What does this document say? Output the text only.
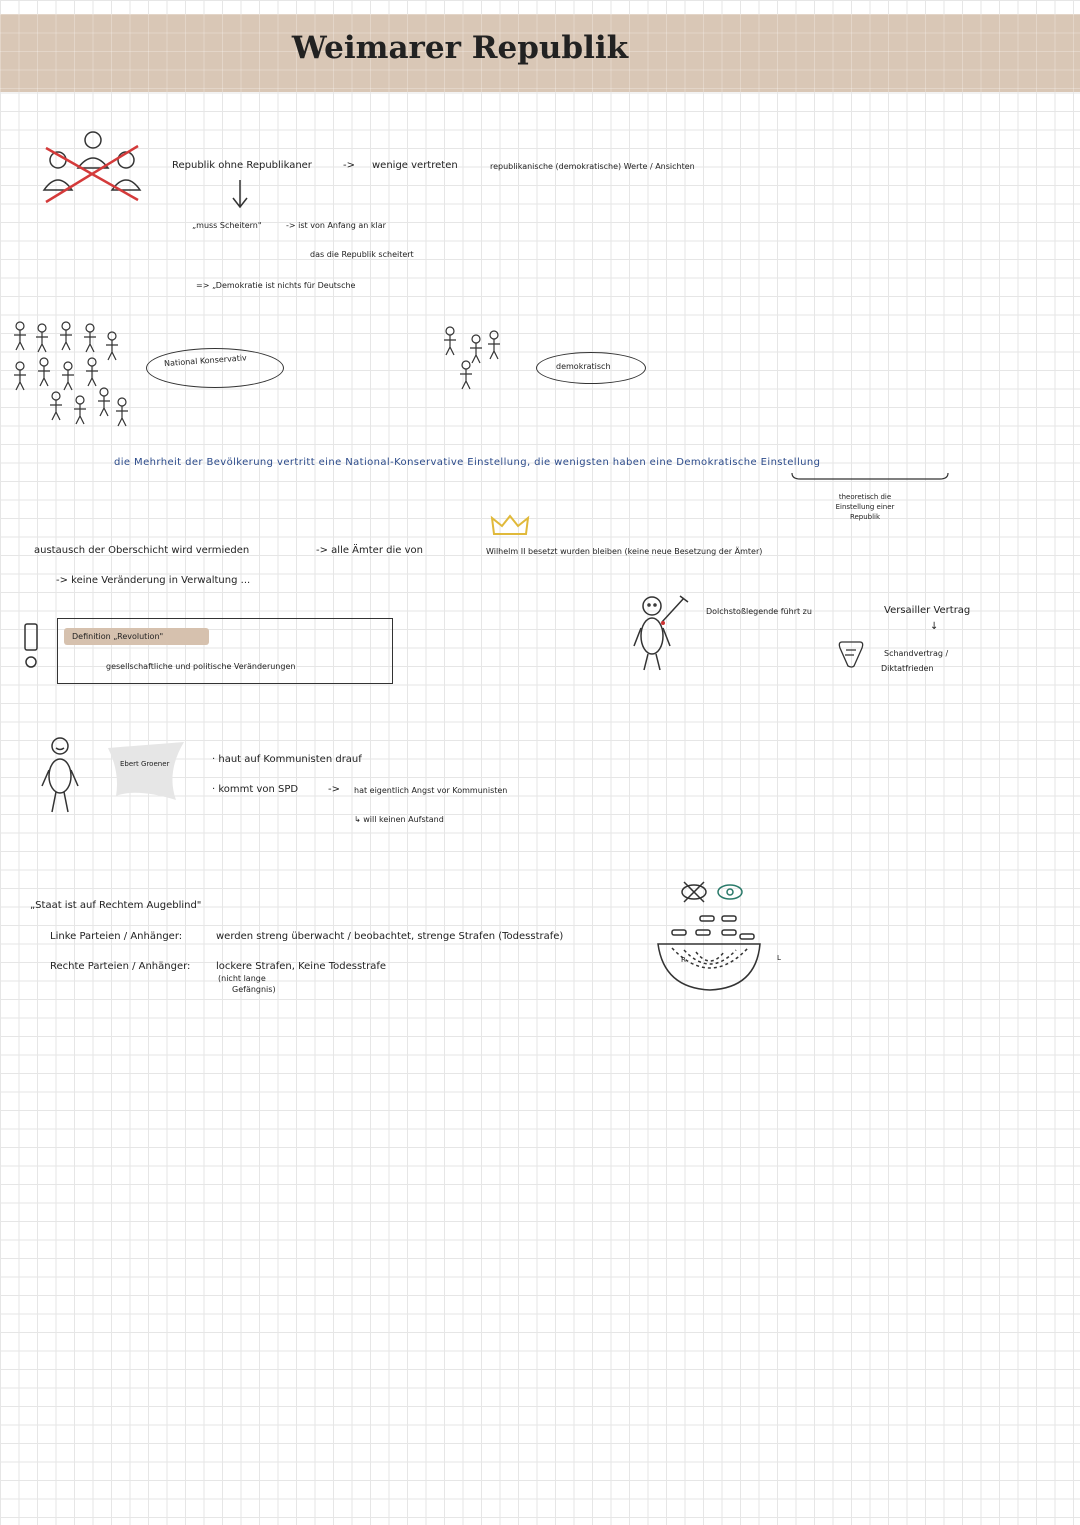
Weimarer Republik
Republik ohne Republikaner	-> wenige vertreten	republikanische (demokratische) Werte / Ansichten
„muss Scheitern"	-> ist von Anfang an klar
das die Republik scheitert
=> „Demokratie ist nichts für Deutsche
National Konservativ	demokratisch
die Mehrheit der Bevölkerung vertritt eine National-Konservative Einstellung, die wenigsten haben eine Demokratische Einstellung
theoretisch die Einstellung einer Republik
austausch der Oberschicht wird vermieden	-> alle Ämter die von	Wilhelm II besetzt wurden bleiben (keine neue Besetzung der Ämter)
-> keine Veränderung in Verwaltung ...
Definition „Revolution"
gesellschaftliche und politische Veränderungen
Dolchstoßlegende führt zu	Versailler Vertrag
↓
Schandvertrag /
Diktatfrieden
Ebert Groener	· haut auf Kommunisten drauf
· kommt von SPD	-> hat eigentlich Angst vor Kommunisten
↳ will keinen Aufstand
„Staat ist auf Rechtem Augeblind"
Linke Parteien / Anhänger:	werden streng überwacht / beobachtet, strenge Strafen (Todesstrafe)
Rechte Parteien / Anhänger:	lockere Strafen, Keine Todesstrafe
(nicht lange
Gefängnis)
R	L
